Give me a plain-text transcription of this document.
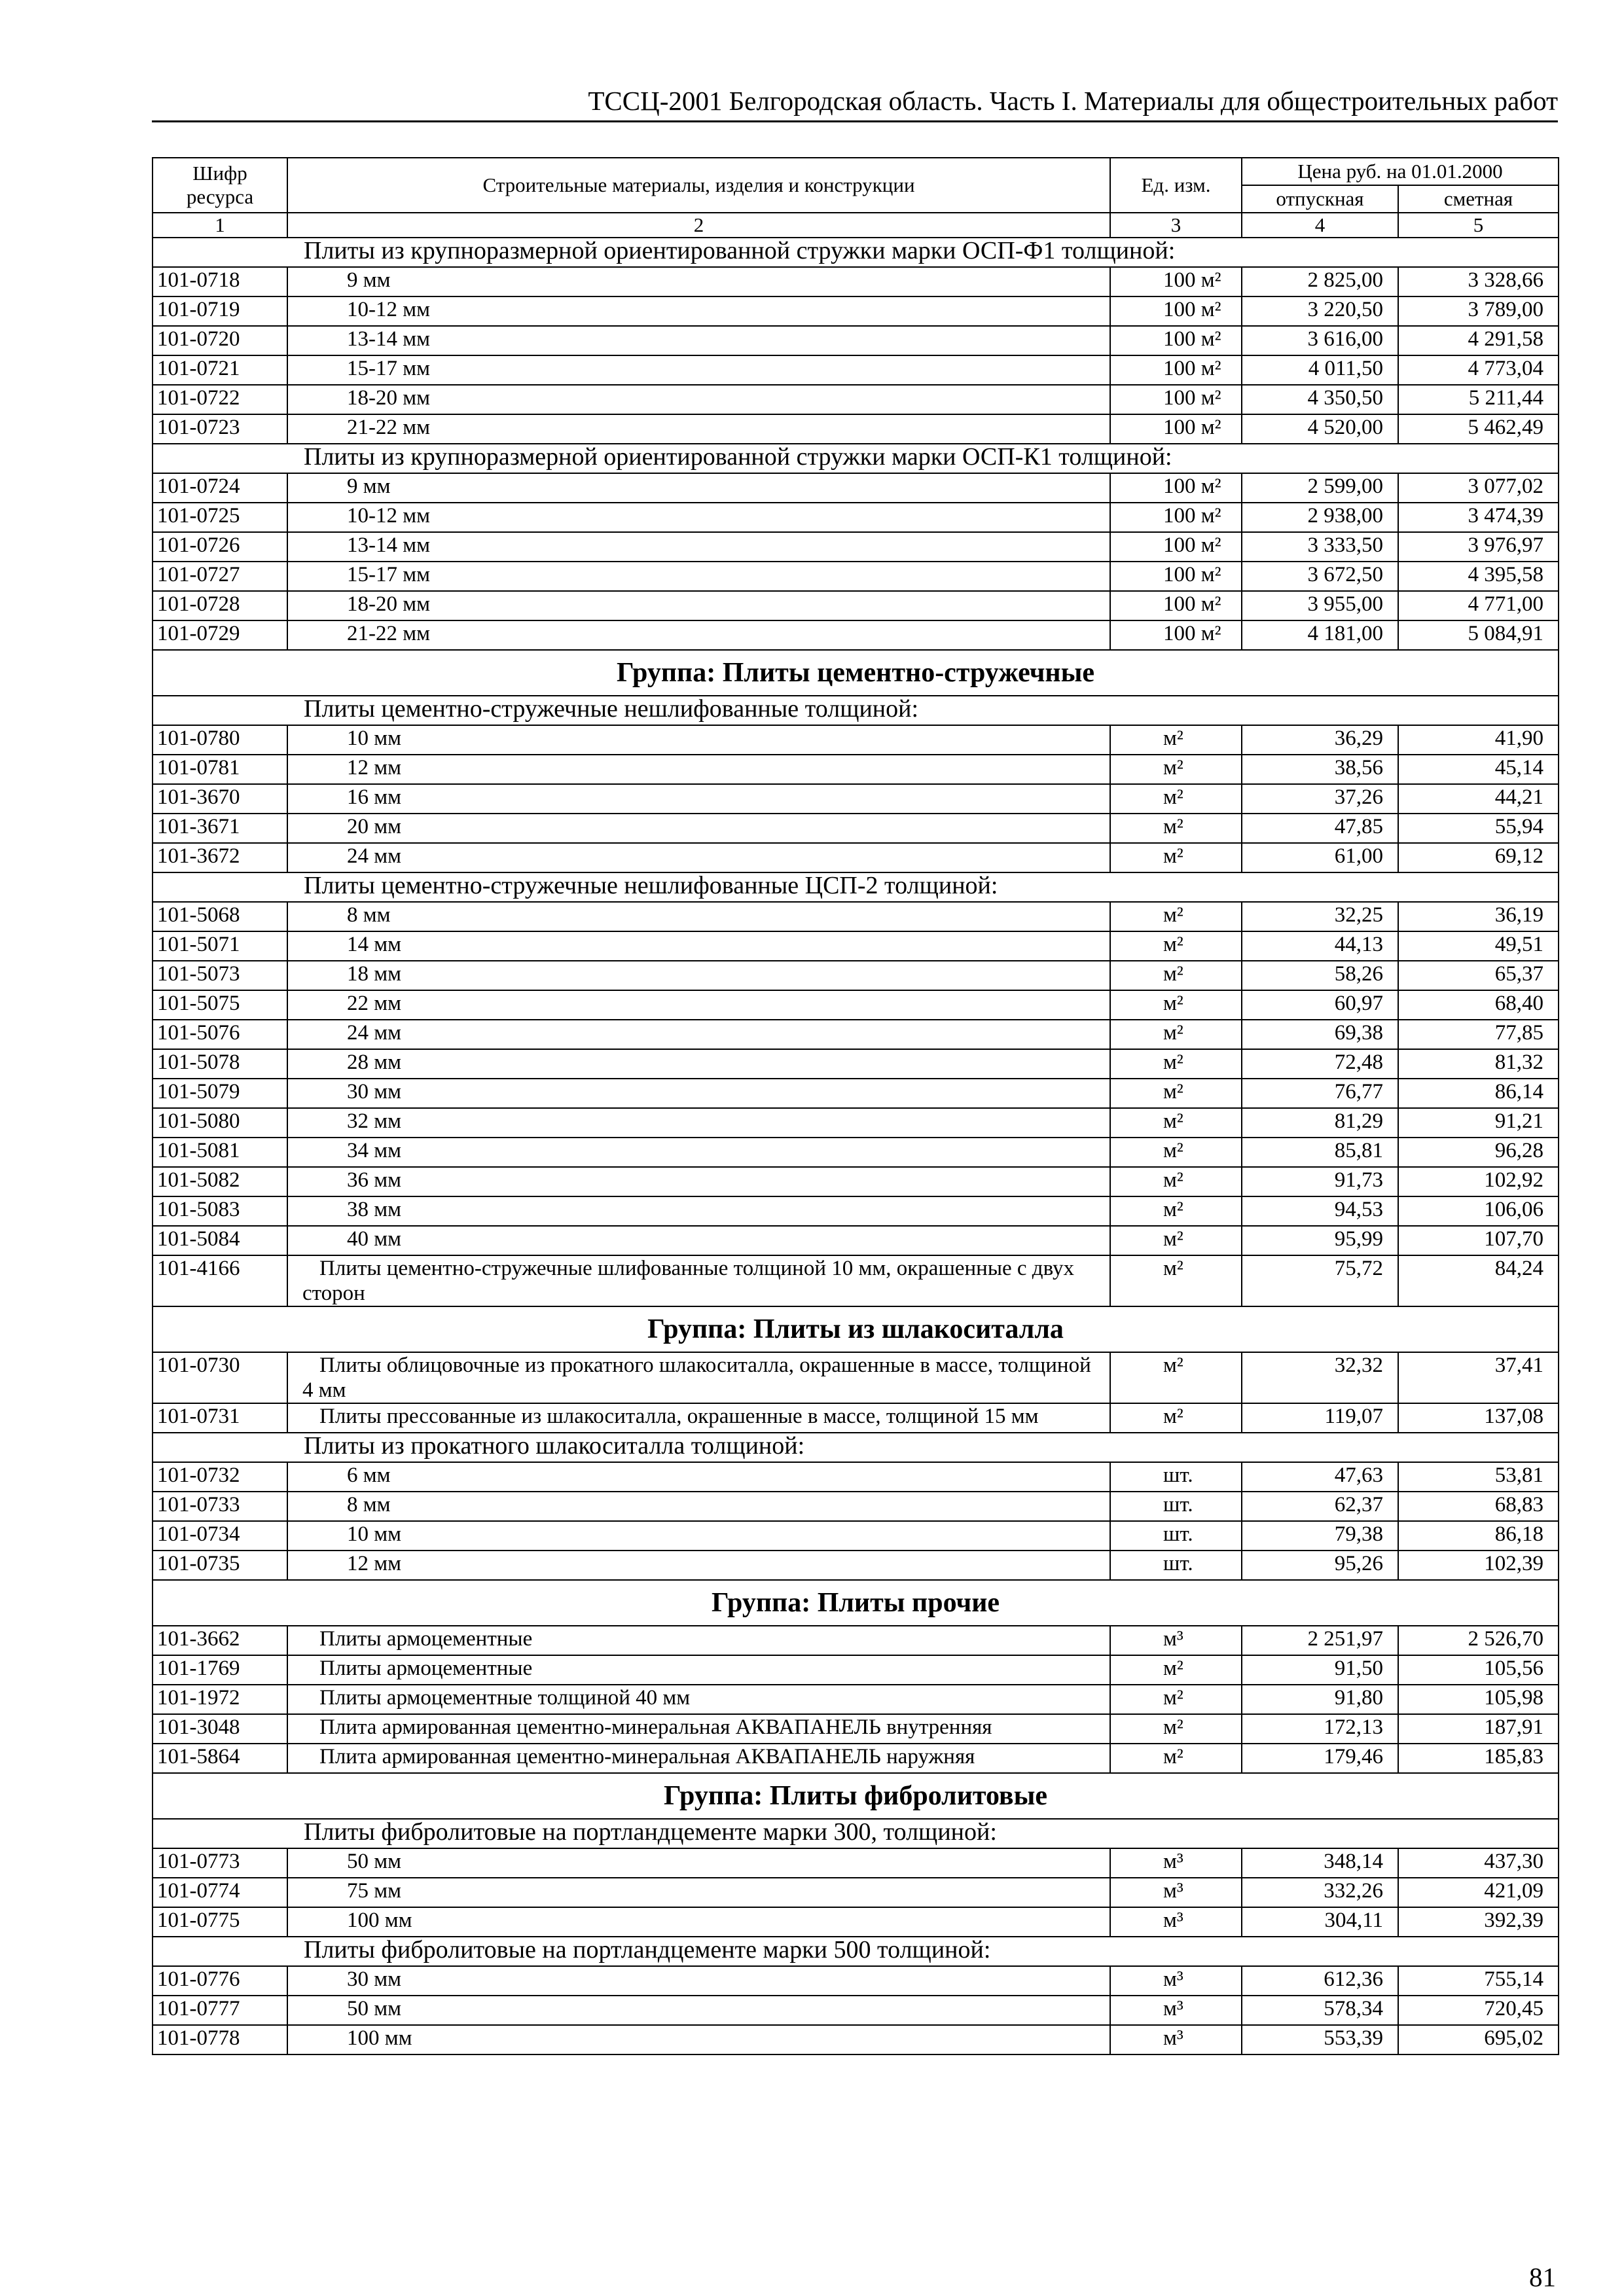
ТССЦ-2001 Белгородская область. Часть I. Материалы для общестроительных работ
Шифр ресурса	Строительные материалы, изделия и конструкции	Ед. изм.	Цена руб. на 01.01.2000	
			отпускная	сметная
1	2	3	4	5
Плиты из крупноразмерной ориентированной стружки марки ОСП-Ф1 толщиной:				
101-0718	9 мм	100 м²	2 825,00	3 328,66
101-0719	10-12 мм	100 м²	3 220,50	3 789,00
101-0720	13-14 мм	100 м²	3 616,00	4 291,58
101-0721	15-17 мм	100 м²	4 011,50	4 773,04
101-0722	18-20 мм	100 м²	4 350,50	5 211,44
101-0723	21-22 мм	100 м²	4 520,00	5 462,49
Плиты из крупноразмерной ориентированной стружки марки ОСП-К1 толщиной:				
101-0724	9 мм	100 м²	2 599,00	3 077,02
101-0725	10-12 мм	100 м²	2 938,00	3 474,39
101-0726	13-14 мм	100 м²	3 333,50	3 976,97
101-0727	15-17 мм	100 м²	3 672,50	4 395,58
101-0728	18-20 мм	100 м²	3 955,00	4 771,00
101-0729	21-22 мм	100 м²	4 181,00	5 084,91
Группа: Плиты цементно-стружечные				
Плиты цементно-стружечные нешлифованные толщиной:				
101-0780	10 мм	м²	36,29	41,90
101-0781	12 мм	м²	38,56	45,14
101-3670	16 мм	м²	37,26	44,21
101-3671	20 мм	м²	47,85	55,94
101-3672	24 мм	м²	61,00	69,12
Плиты цементно-стружечные нешлифованные ЦСП-2 толщиной:				
101-5068	8 мм	м²	32,25	36,19
101-5071	14 мм	м²	44,13	49,51
101-5073	18 мм	м²	58,26	65,37
101-5075	22 мм	м²	60,97	68,40
101-5076	24 мм	м²	69,38	77,85
101-5078	28 мм	м²	72,48	81,32
101-5079	30 мм	м²	76,77	86,14
101-5080	32 мм	м²	81,29	91,21
101-5081	34 мм	м²	85,81	96,28
101-5082	36 мм	м²	91,73	102,92
101-5083	38 мм	м²	94,53	106,06
101-5084	40 мм	м²	95,99	107,70
101-4166	Плиты цементно-стружечные шлифованные толщиной 10 мм, окрашенные с двух сторон	м²	75,72	84,24
Группа: Плиты из шлакоситалла				
101-0730	Плиты облицовочные из прокатного шлакоситалла, окрашенные в массе, толщиной 4 мм	м²	32,32	37,41
101-0731	Плиты прессованные из шлакоситалла, окрашенные в массе, толщиной 15 мм	м²	119,07	137,08
Плиты из прокатного шлакоситалла толщиной:				
101-0732	6 мм	шт.	47,63	53,81
101-0733	8 мм	шт.	62,37	68,83
101-0734	10 мм	шт.	79,38	86,18
101-0735	12 мм	шт.	95,26	102,39
Группа: Плиты прочие				
101-3662	Плиты армоцементные	м³	2 251,97	2 526,70
101-1769	Плиты армоцементные	м²	91,50	105,56
101-1972	Плиты армоцементные толщиной 40 мм	м²	91,80	105,98
101-3048	Плита армированная цементно-минеральная АКВАПАНЕЛЬ внутренняя	м²	172,13	187,91
101-5864	Плита армированная цементно-минеральная АКВАПАНЕЛЬ наружняя	м²	179,46	185,83
Группа: Плиты фибролитовые				
Плиты фибролитовые на портландцементе марки 300, толщиной:				
101-0773	50 мм	м³	348,14	437,30
101-0774	75 мм	м³	332,26	421,09
101-0775	100 мм	м³	304,11	392,39
Плиты фибролитовые на портландцементе марки 500 толщиной:				
101-0776	30 мм	м³	612,36	755,14
101-0777	50 мм	м³	578,34	720,45
101-0778	100 мм	м³	553,39	695,02
81
